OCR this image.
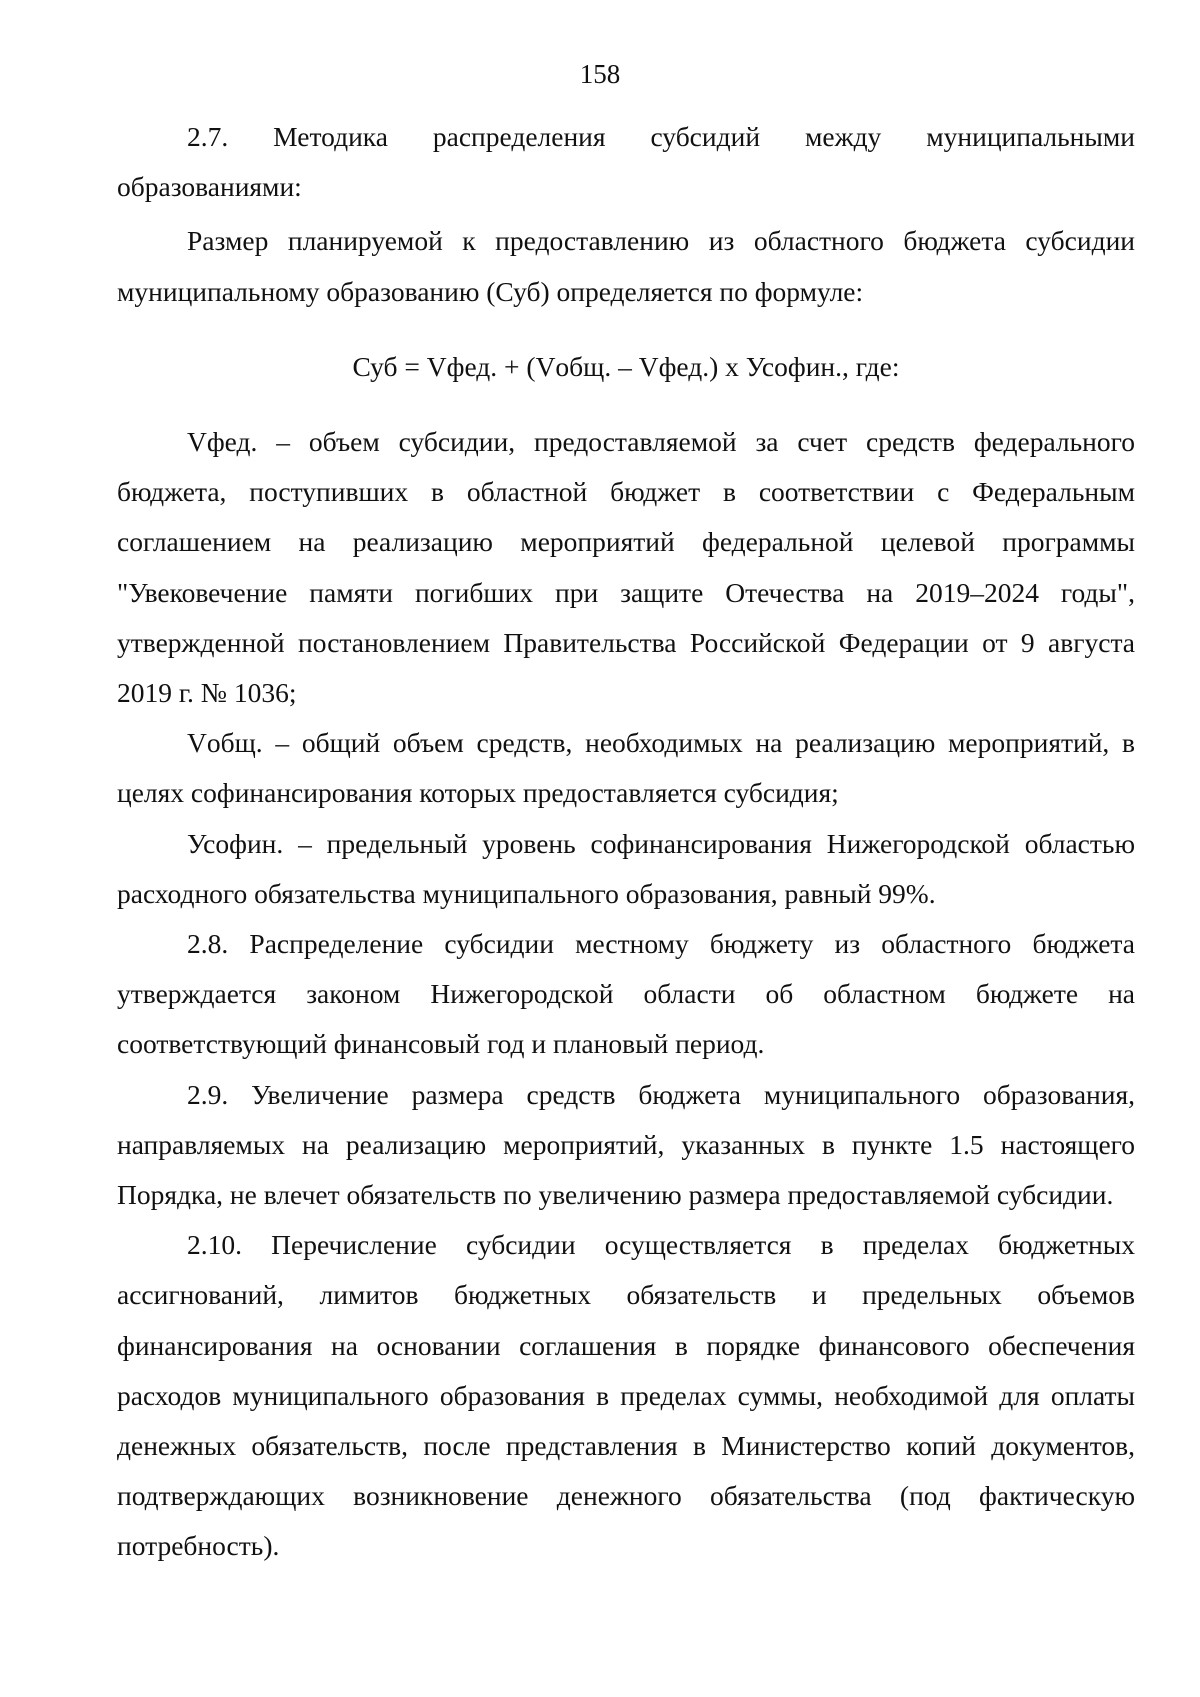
158

2.7. Методика распределения субсидий между муниципальными образованиями:

Размер планируемой к предоставлению из областного бюджета субсидии муниципальному образованию (Суб) определяется по формуле:

Суб = Vфед. + (Vобщ. – Vфед.) x Усофин., где:

Vфед. – объем субсидии, предоставляемой за счет средств федерального бюджета, поступивших в областной бюджет в соответствии с Федеральным соглашением на реализацию мероприятий федеральной целевой программы "Увековечение памяти погибших при защите Отечества на 2019–2024 годы", утвержденной постановлением Правительства Российской Федерации от 9 августа 2019 г. № 1036;

Vобщ. – общий объем средств, необходимых на реализацию мероприятий, в целях софинансирования которых предоставляется субсидия;

Усофин. – предельный уровень софинансирования Нижегородской областью расходного обязательства муниципального образования, равный 99%.

2.8. Распределение субсидии местному бюджету из областного бюджета утверждается законом Нижегородской области об областном бюджете на соответствующий финансовый год и плановый период.

2.9. Увеличение размера средств бюджета муниципального образования, направляемых на реализацию мероприятий, указанных в пункте 1.5 настоящего Порядка, не влечет обязательств по увеличению размера предоставляемой субсидии.

2.10. Перечисление субсидии осуществляется в пределах бюджетных ассигнований, лимитов бюджетных обязательств и предельных объемов финансирования на основании соглашения в порядке финансового обеспечения расходов муниципального образования в пределах суммы, необходимой для оплаты денежных обязательств, после представления в Министерство копий документов, подтверждающих возникновение денежного обязательства (под фактическую потребность).
